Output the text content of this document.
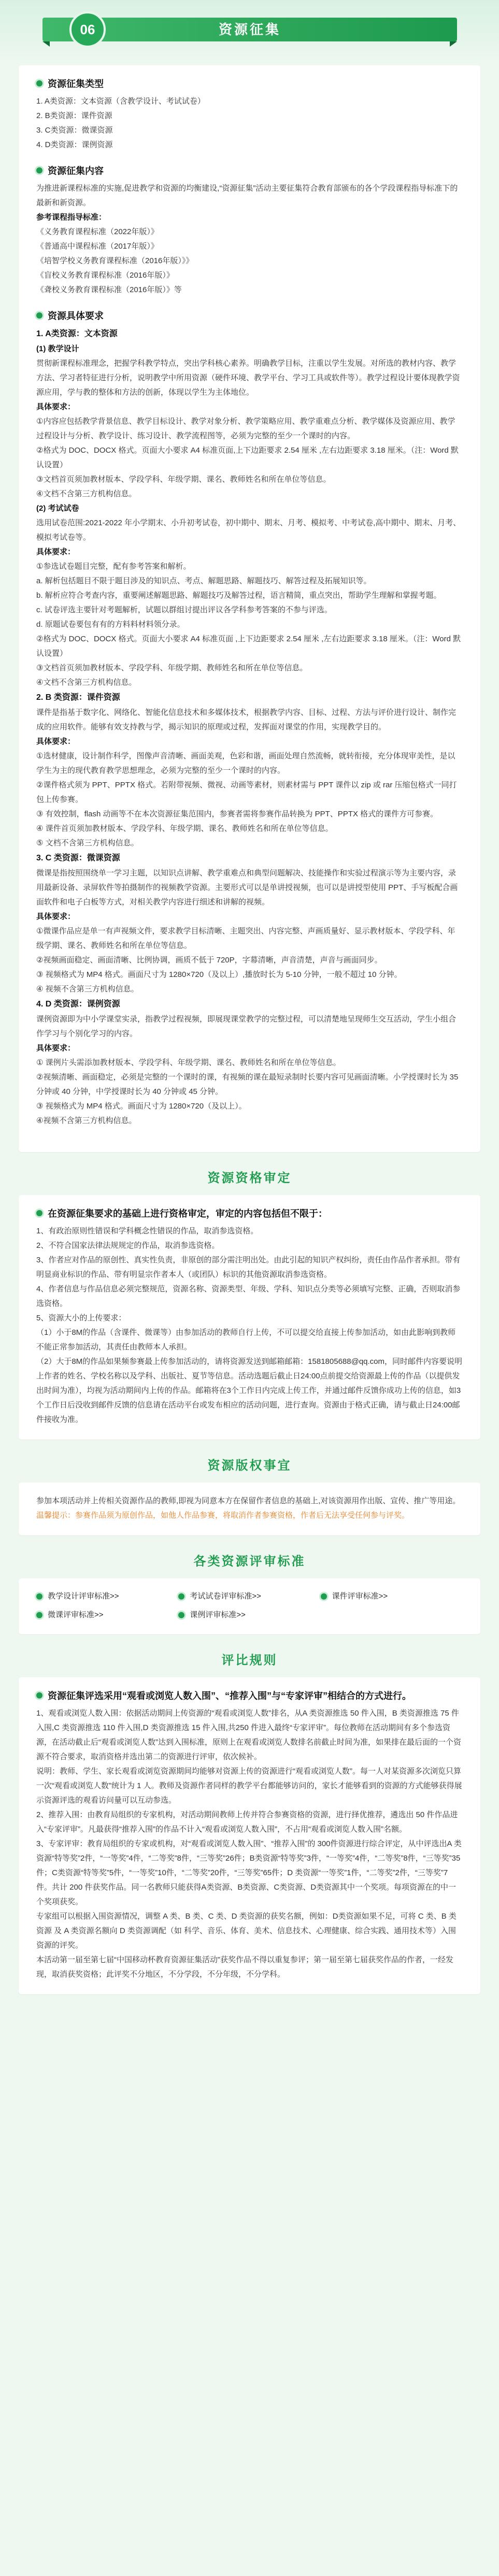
资源征集
06
资源征集类型
1. A类资源：文本资源（含教学设计、考试试卷）
2. B类资源：课件资源
3. C类资源：微课资源
4. D类资源：课例资源
资源征集内容

为推进新课程标准的实施,促进教学和资源的均衡建设,“资源征集”活动主要征集符合教育部颁布的各个学段课程指导标准下的最新和新资源。

参考课程指导标准：

《义务教育课程标准（2022年版）》

《普通高中课程标准（2017年版）》

《培智学校义务教育课程标准（2016年版）》》

《盲校义务教育课程标准（2016年版）》

《聋校义务教育课程标准（2016年版）》等

资源具体要求

1. A类资源：文本资源

(1) 教学设计

贯彻新课程标准理念，把握学科教学特点，突出学科核心素养。明确教学目标，注重以学生发展。对所选的教材内容、教学方法、学习者特征进行分析，说明教学中所用资源（硬件环境、教学平台、学习工具或软件等）。教学过程设计要体现教学资源应用，学与教的整体和方法的创新，体现以学生为主体地位。

具体要求：

①内容应包括教学背景信息、教学目标设计、教学对象分析、教学策略应用、教学重难点分析、教学媒体及资源应用、教学过程设计与分析、教学设计、练习设计、教学流程图等，必须为完整的至少一个课时的内容。

②格式为 DOC、DOCX 格式。页面大小要求 A4 标准页面,上下边距要求 2.54 厘米 ,左右边距要求 3.18 厘米。（注：Word 默认设置）

③文档首页须加教材版本、学段学科、年级学期、课名、教师姓名和所在单位等信息。

④文档不含第三方机构信息。

(2) 考试试卷

选用试卷范围:2021-2022 年小学期末、小升初考试卷，初中期中、期末、月考、模拟考、中考试卷,高中期中、期末、月考、模拟考试卷等。

具体要求：

①参选试卷题目完整，配有参考答案和解析。

a. 解析包括题目不限于题目涉及的知识点、考点、解题思路、解题技巧、解答过程及拓展知识等。

b. 解析应符合考查内容，重要阐述解题思路、解题技巧及解答过程，语言精简，重点突出，帮助学生理解和掌握考题。

c. 试卷评选主要针对考题解析，试题以群组讨提出评议各学科参考答案的不参与评选。

d. 原题试卷要包有有的方料料材料领分录。

②格式为 DOC、DOCX 格式。页面大小要求 A4 标准页面 ,上下边距要求 2.54 厘米 ,左右边距要求 3.18 厘米。（注：Word 默认设置）

③文档首页须加教材版本、学段学科、年级学期、教师姓名和所在单位等信息。

④文档不含第三方机构信息。

2. B 类资源：课件资源

课件是指基于数字化、网络化、智能化信息技术和多媒体技术，根据教学内容、目标、过程、方法与评价进行设计、制作完成的应用软件。能够有效支持教与学，揭示知识的原理或过程，发挥面对课堂的作用，实现教学目的。

具体要求：

①选材健康，设计制作科学，图像声音清晰、画面美观，色彩和谐，画面处理自然流畅，就转衔接，充分体现审美性，是以学生为主的现代教育教学思想理念，必须为完整的至少一个课时的内容。

②课件格式须为 PPT、PPTX 格式。若附带视频、微视、动画等素材，则素材需与 PPT 课件以 zip 或 rar 压缩包格式一同打包上传参赛。

③ 有效控制，flash 动画等不在本次资源征集范围内，参赛者需将参赛作品转换为 PPT、PPTX 格式的课件方可参赛。

④ 课件首页须加教材版本、学段学科、年级学期、课名、教师姓名和所在单位等信息。

⑤ 文档不含第三方机构信息。

3. C 类资源：微课资源

微课是指按照围绕单一学习主题，以知识点讲解、教学重难点和典型问题解决、技能操作和实验过程演示等为主要内容，录用最新设备、录屏软件等拍摄制作的视频教学资源。主要形式可以是单讲授视频，也可以是讲授型使用 PPT、手写板配合画面软件和电子白板等方式，对相关教学内容进行细述和讲解的视频。

具体要求：

①微课作品应是单一有声视频文件，要求教学目标清晰、主题突出、内容完整、声画质量好、显示教材版本、学段学科、年级学期、课名、教师姓名和所在单位等信息。

②视频画面稳定、画面清晰、比例协调，画质不低于 720P，字幕清晰，声音清楚，声音与画面同步。

③ 视频格式为 MP4 格式。画面尺寸为 1280×720（及以上）,播放时长为 5-10 分钟，一般不超过 10 分钟。

④ 视频不含第三方机构信息。

4. D 类资源：课例资源

课例资源即为中小学课堂实录，指教学过程视频，即展现课堂教学的完整过程，可以清楚地呈现师生交互活动，学生小组合作学习与个别化学习的内容。

具体要求：

① 课例片头需添加教材版本、学段学科、年级学期、课名、教师姓名和所在单位等信息。

②视频清晰、画面稳定，必须是完整的一个课时的课，有视频的课在最短录制时长要内容可见画面清晰。小学授课时长为 35 分钟或 40 分钟，中学授课时长为 40 分钟或 45 分钟。

③ 视频格式为 MP4 格式。画面尺寸为 1280×720（及以上）。

④视频不含第三方机构信息。

资源资格审定
在资源征集要求的基础上进行资格审定，审定的内容包括但不限于：

1、有政治原则性错误和学科概念性错误的作品，取消参选资格。

2、不符合国家法律法规规定的作品，取消参选资格。

3、作者应对作品的原创性、真实性负责，非原创的部分需注明出处。由此引起的知识产权纠纷，责任由作品作者承担。带有明显商业标识的作品、带有明显宗作者本人（或团队）标识的其他资源取消参选资格。

4、作者信息与作品信息必须完整规范，资源名称、资源类型、年级、学科、知识点分类等必须填写完整、正确，否则取消参选资格。

5、资源大小的上传要求：

（1）小于8M的作品（含课件、微课等）由参加活动的教师自行上传，不可以提交给直接上传参加活动，如由此影响到教师不能正常参加活动，其责任由教师本人承担。

（2）大于8M的作品如果频参赛最上传参加活动的，请将资源发送到邮箱邮箱：1581805688@qq.com，同时邮件内容要说明上作者的姓名、学校名称以及学科、出版社、夏节等信息。活动选题后截止日24:00点前提交给资源最上传的作品（以提供发出时间为准），均视为活动期间内上传的作品。邮箱将在3个工作日内完成上传工作，并通过邮件反馈你成功上传的信息，如3个工作日后没收到邮件反馈的信息请在活动平台或发布相应的活动问题，进行查询。资源由于格式正确，请与截止日24:00邮件接收为准。

资源版权事宜

参加本项活动并上传相关资源作品的教师,即视为同意本方在保留作者信息的基础上,对该资源用作出版、宣传、推广等用途。

温馨提示：参赛作品须为原创作品，如他人作品参赛，将取消作者参赛资格，作者后无法享受任何参与评奖。

各类资源评审标准
教学设计评审标准>>	考试试卷评审标准>>	课件评审标准>>
微课评审标准>>	课例评审标准>>
评比规则
资源征集评选采用“观看或浏览人数入围”、“推荐入围”与“专家评审”相结合的方式进行。

1、观看或浏览人数入围：依据活动期间上传资源的“观看或浏览人数”排名，从A 类资源推选 50 件入围，B 类资源推选 75 件入围,C 类资源推选 110 件入围,D 类资源推选 15 件入围,共250 件进入最终“专家评审”。每位教师在活动期间有多个参选资源，在活动截止后“观看或浏览人数”达到入围标准，原则上在观看或浏览人数排名前截止时间为准，如果排在最后面的一个资源不符合要求，取消资格并选出第二的资源进行评审，依次候补。

说明：教师、学生、家长观看或浏览资源期间均能够对资源上传的资源进行“观看或浏览人数”。每一人对某资源多次浏览只算一次“观看或浏览人数”统计为 1 人。教师及资源作者同样的教学平台都能够访问的，家长才能够看到的资源的方式能够获得展示资源评选的观看访问量可以互动参选。

2、推荐入围：由教育局组织的专家机构，对活动期间教师上传并符合参赛资格的资源，进行择优推荐，遴选出 50 件作品进入“专家评审”。凡最获得“推荐入围”的作品不计入“观看或浏览人数入围”，不占用“观看或浏览人数入围”名额。

3、专家评审：教育局组织的专家或机构，对“观看或浏览人数入围”、“推荐入围”的 300件资源进行综合评定，从中评选出A 类资源“特等奖”2件，“一等奖”4件，“二等奖”8件，“三等奖”26件；B类资源“特等奖”3件，“一等奖”4件，“二等奖”8件，“三等奖”35件；C类资源“特等奖”5件，“一等奖”10件，“二等奖”20件，“三等奖”65件；D 类资源“一等奖”1件，“二等奖”2件，“三等奖”7件。共计 200 件获奖作品。同一名教师只能获得A类资源、B类资源、C类资源、D类资源其中一个奖项。每项资源在的中一个奖项获奖。

专家组可以根据入围资源情况，调整 A 类、B 类、C 类、D 类资源的获奖名额，例如：D类资源如果不足，可将 C 类、B 类资源 及 A 类资源名额向 D 类资源调配（如 科学、音乐、体育、美术、信息技术、心理健康、综合实践、通用技术等）入围资源的评奖。

本活动第一届至第七届“中国移动杯教育资源征集活动”获奖作品不得以重复参评；第一届至第七届获奖作品的作者，一经发现，取消获奖资格；此评奖不分地区，不分学段，不分年级，不分学科。
